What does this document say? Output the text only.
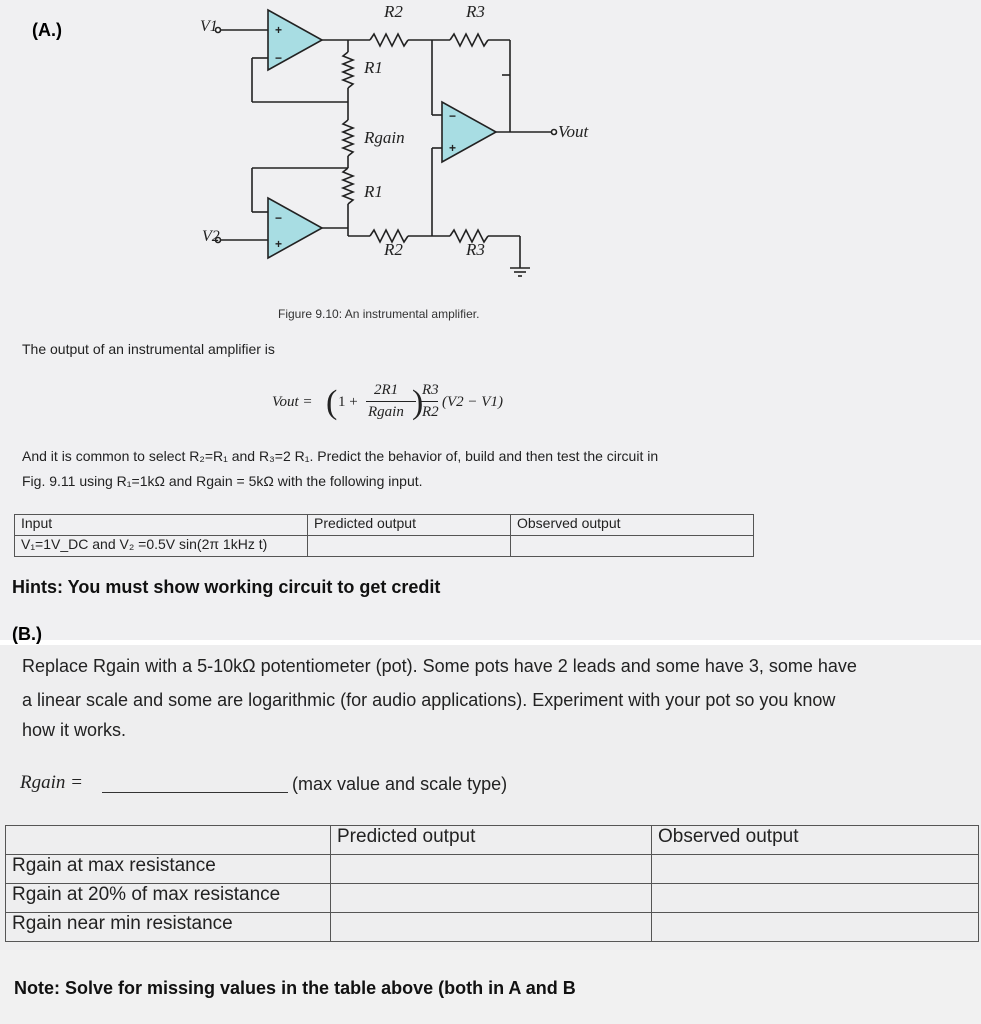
(A.)	+
−
−
+
−
+
V1
R2	R3
R1
Rgain
R1
R2	R3
V2
Vout
Figure 9.10: An instrumental amplifier.
The output of an instrumental amplifier is
Vout = ( 1 +
2R1
Rgain )
R3
R2
(V2 − V1)
And it is common to select R₂=R₁ and R₃=2 R₁. Predict the behavior of, build and then test the circuit in
Fig. 9.11 using R₁=1kΩ and Rgain = 5kΩ with the following input.
Input	Predicted output	Observed output
V₁=1V_DC and V₂ =0.5V sin(2π 1kHz t)		
Hints: You must show working circuit to get credit
(B.)
Replace Rgain with a 5-10kΩ potentiometer (pot). Some pots have 2 leads and some have 3, some have
a linear scale and some are logarithmic (for audio applications). Experiment with your pot so you know
how it works.
Rgain =	(max value and scale type)
	Predicted output	Observed output
Rgain at max resistance		
Rgain at 20% of max resistance		
Rgain near min resistance		
Note: Solve for missing values in the table above (both in A and B
